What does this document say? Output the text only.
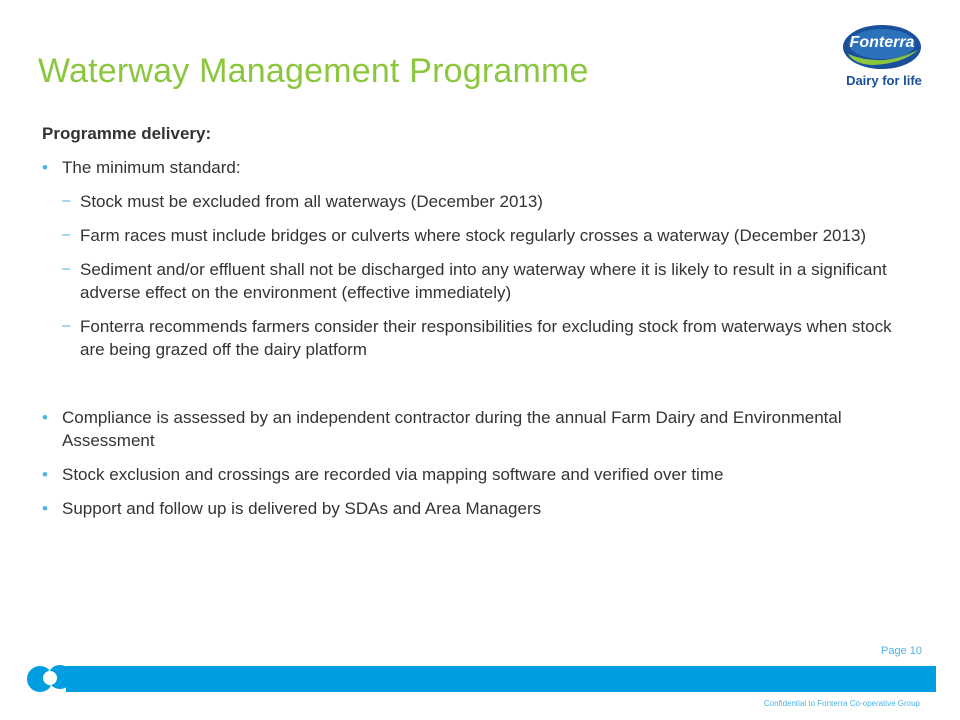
Waterway Management Programme
Fonterra
Dairy for life

Programme delivery:

• The minimum standard:
– Stock must be excluded from all waterways (December 2013)
– Farm races must include bridges or culverts where stock regularly crosses a waterway (December 2013)
– Sediment and/or effluent shall not be discharged into any waterway where it is likely to result in a significant adverse effect on the environment (effective immediately)
– Fonterra recommends farmers consider their responsibilities for excluding stock from waterways when stock are being grazed off the dairy platform
• Compliance is assessed by an independent contractor during the annual Farm Dairy and Environmental Assessment
• Stock exclusion and crossings are recorded via mapping software and verified over time
• Support and follow up is delivered by SDAs and Area Managers
Page 10
Confidential to Fonterra Co-operative Group
